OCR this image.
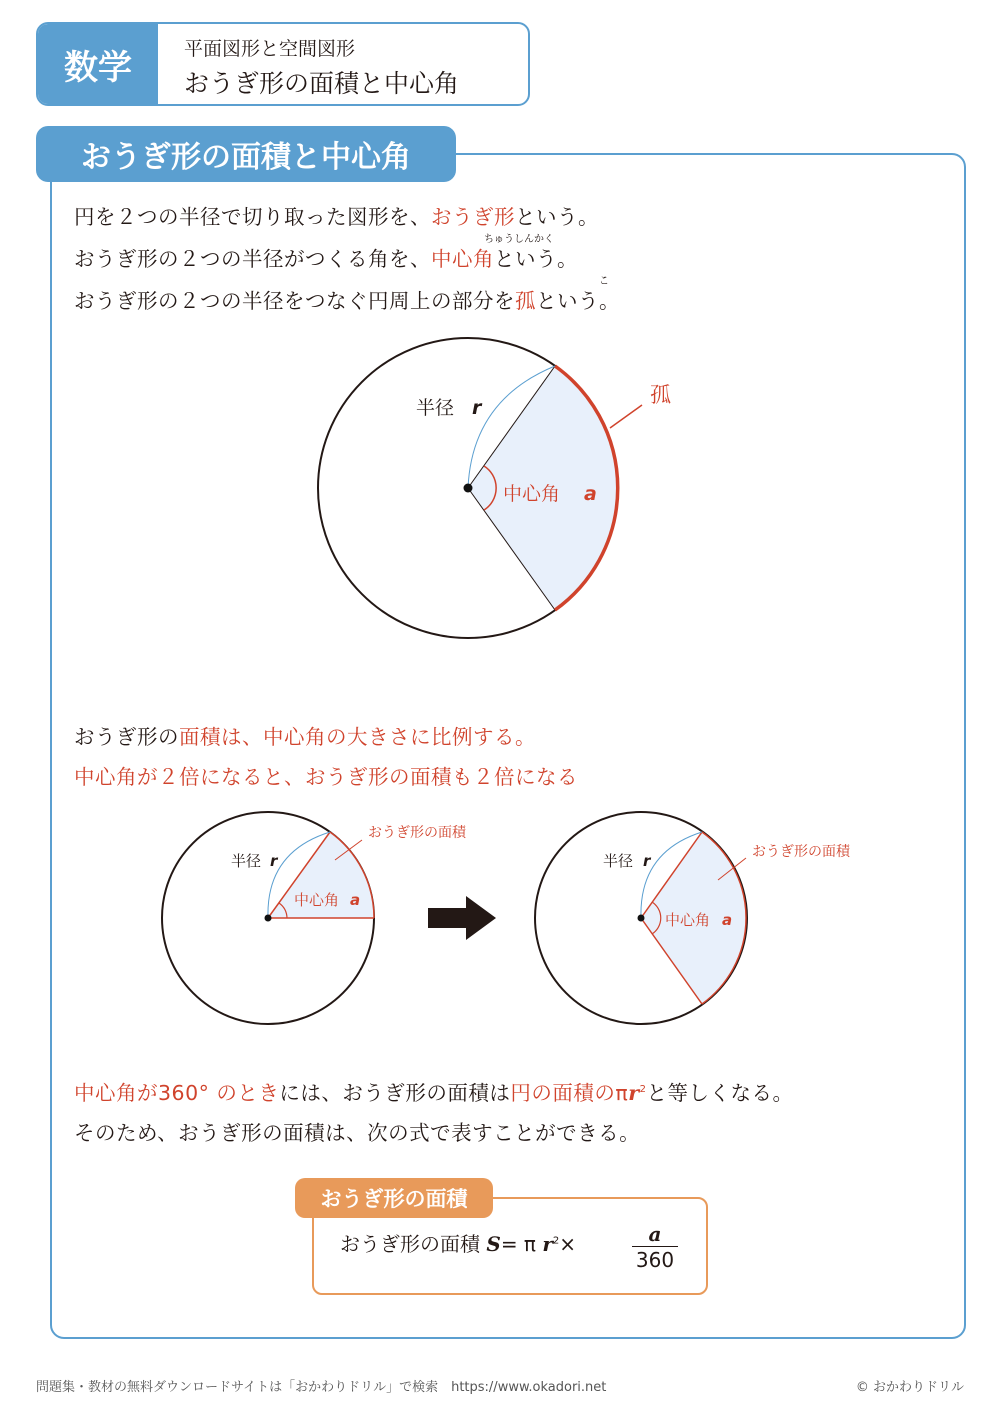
数学	平面図形と空間図形
おうぎ形の面積と中心角
おうぎ形の面積と中心角
円を２つの半径で切り取った図形を、おうぎ形という。
ちゅうしんかく
おうぎ形の２つの半径がつくる角を、中心角という。
こ
おうぎ形の２つの半径をつなぐ円周上の部分を孤という。
半径 r
孤
中心角 a
おうぎ形の面積は、中心角の大きさに比例する。
中心角が２倍になると、おうぎ形の面積も２倍になる
半径 r
中心角 a
おうぎ形の面積
半径 r
中心角 a
おうぎ形の面積
中心角が360° のときには、おうぎ形の面積は円の面積の$\pi r^2$と等しくなる。
そのため、おうぎ形の面積は、次の式で表すことができる。
おうぎ形の面積
おうぎ形の面積 S= π $r^2\times$	$\frac{a}{360}$
問題集・教材の無料ダウンロードサイトは「おかわりドリル」で検索　https://www.okadori.net	© おかわりドリル
